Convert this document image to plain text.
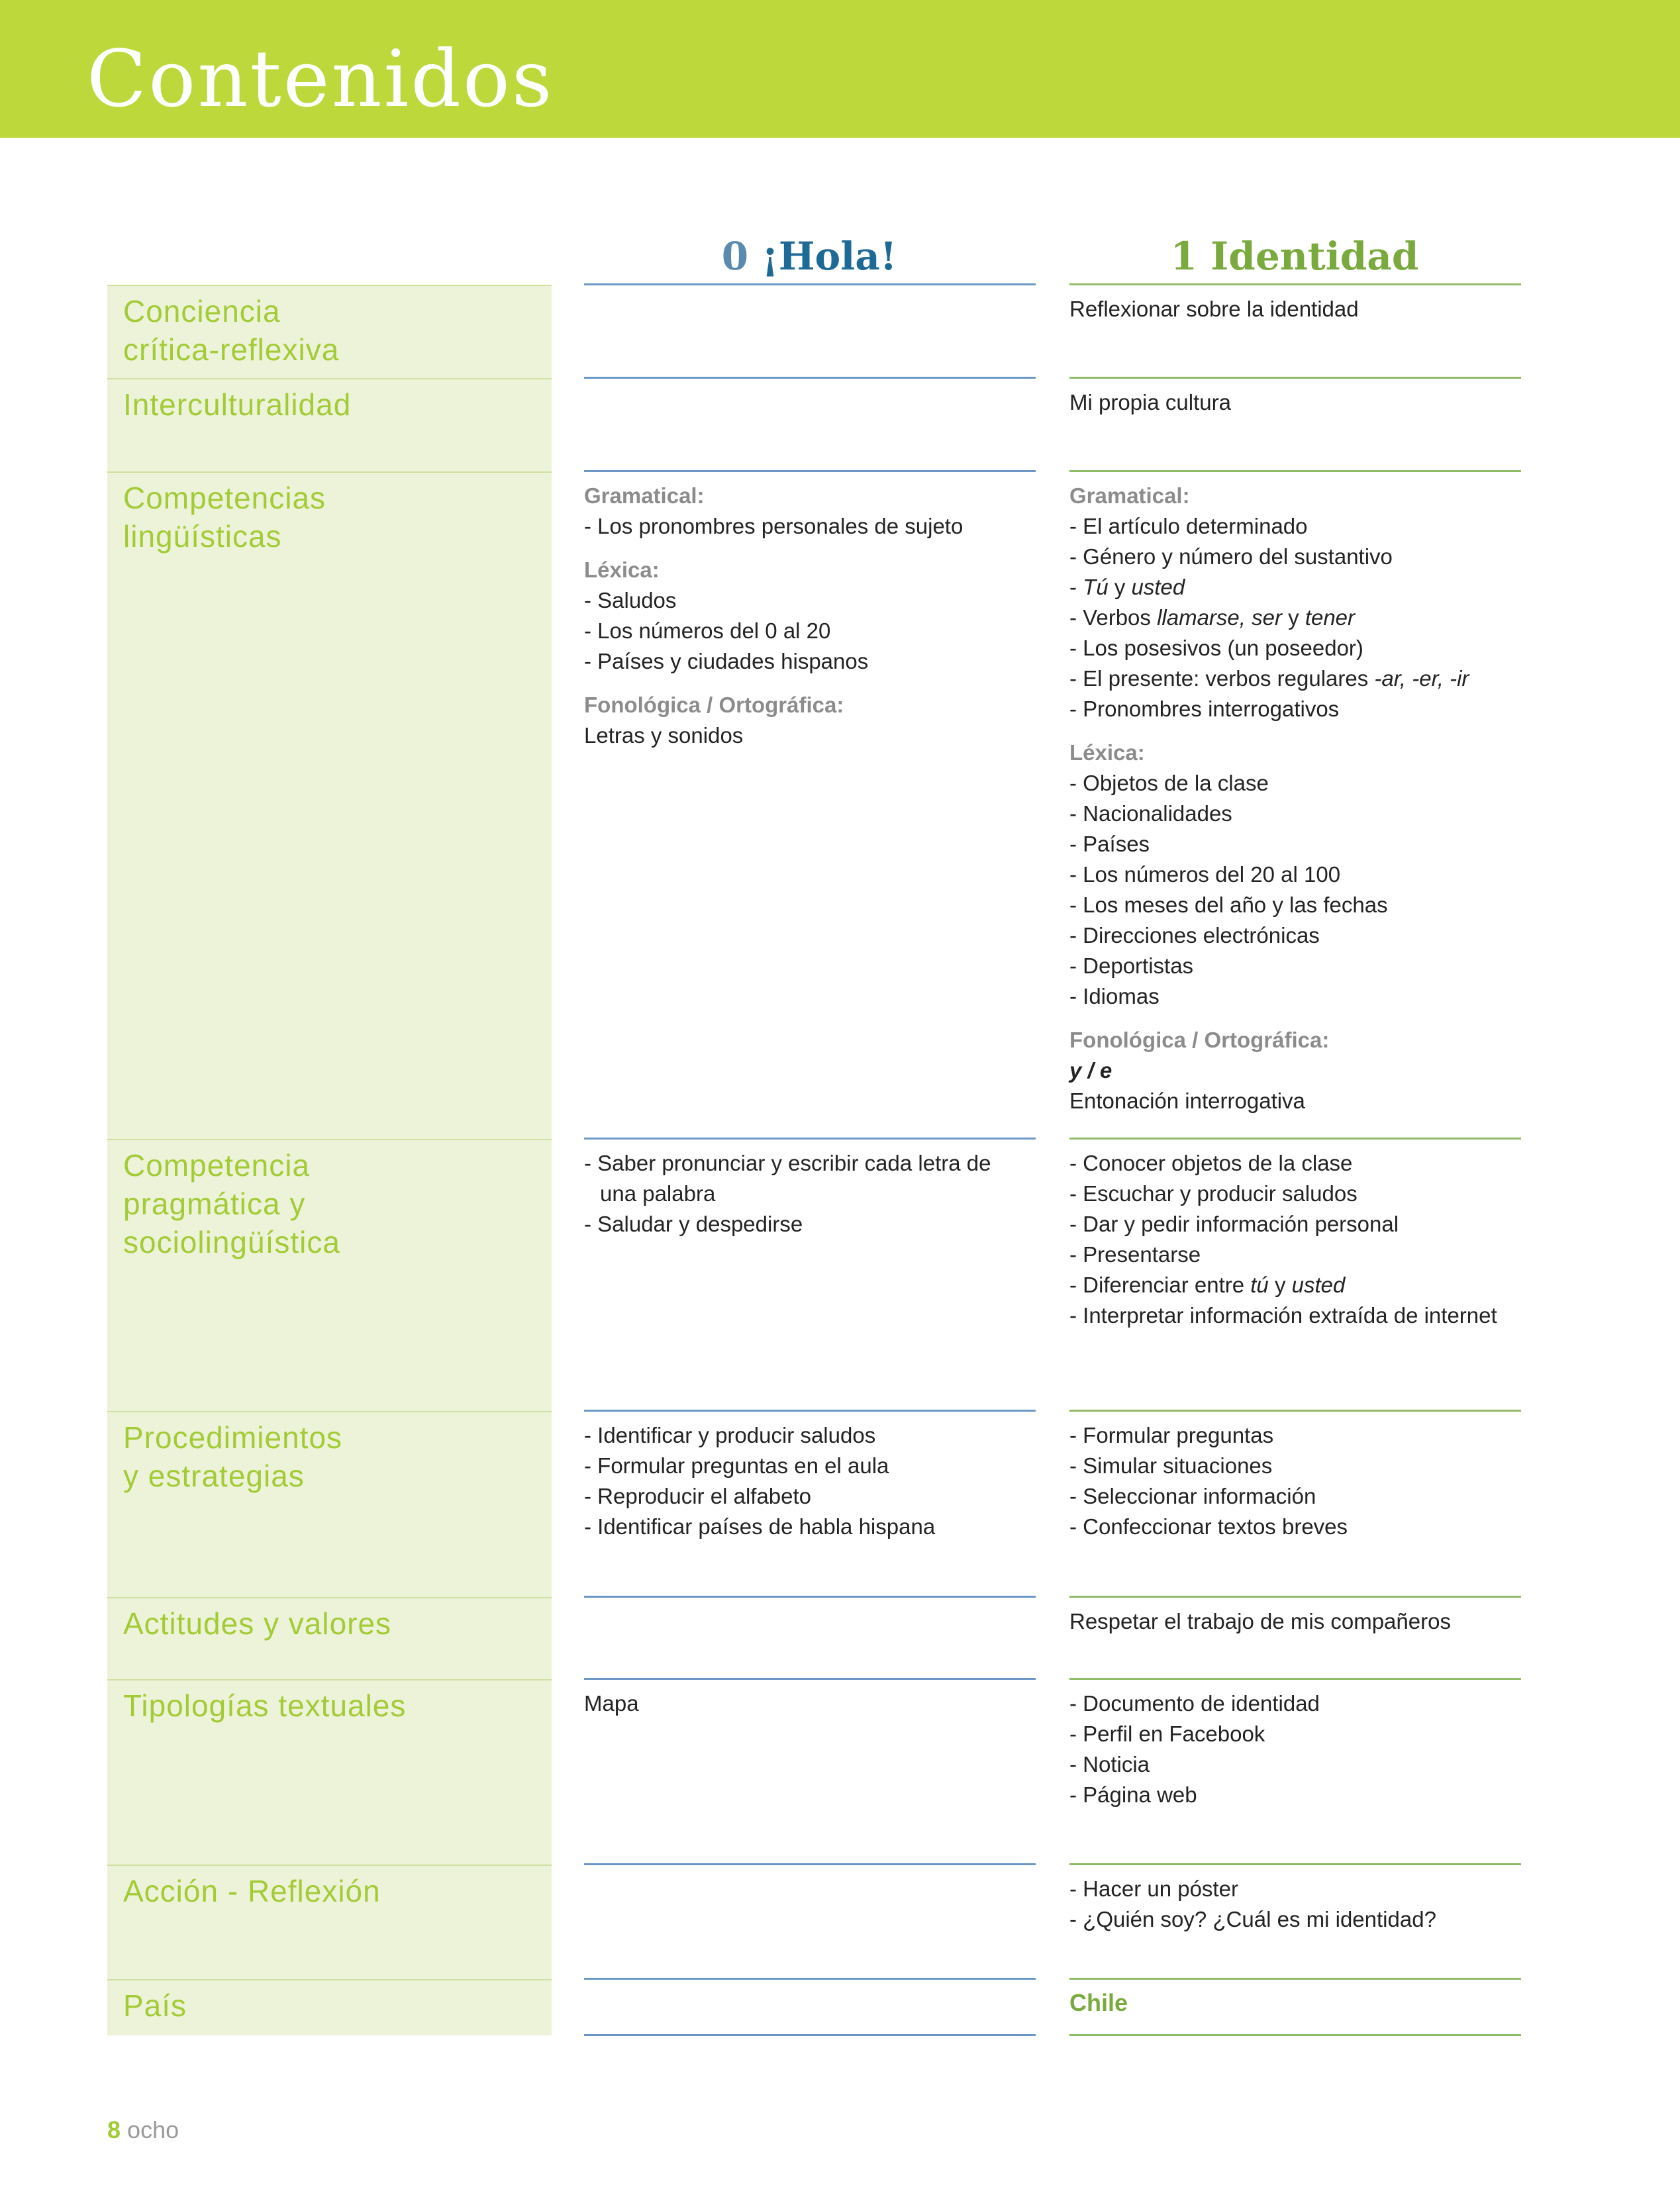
Contenidos
0 ¡Hola!	1 Identidad
Conciencia
crítica-reflexiva
Interculturalidad
Competencias
lingüísticas
Competencia
pragmática y
sociolingüística
Procedimientos
y estrategias
Actitudes y valores
Tipologías textuales
Acción - Reflexión
País
Reflexionar sobre la identidad
Mi propia cultura
Gramatical:
- Los pronombres personales de sujeto
Léxica:
- Saludos
- Los números del 0 al 20
- Países y ciudades hispanos
Fonológica / Ortográfica:
Letras y sonidos
Gramatical:
- El artículo determinado
- Género y número del sustantivo
- Tú y usted
- Verbos llamarse, ser y tener
- Los posesivos (un poseedor)
- El presente: verbos regulares -ar, -er, -ir
- Pronombres interrogativos
Léxica:
- Objetos de la clase
- Nacionalidades
- Países
- Los números del 20 al 100
- Los meses del año y las fechas
- Direcciones electrónicas
- Deportistas
- Idiomas
Fonológica / Ortográfica:
y / e
Entonación interrogativa
- Saber pronunciar y escribir cada letra de
una palabra
- Saludar y despedirse
- Conocer objetos de la clase
- Escuchar y producir saludos
- Dar y pedir información personal
- Presentarse
- Diferenciar entre tú y usted
- Interpretar información extraída de internet
- Identificar y producir saludos
- Formular preguntas en el aula
- Reproducir el alfabeto
- Identificar países de habla hispana
- Formular preguntas
- Simular situaciones
- Seleccionar información
- Confeccionar textos breves
Respetar el trabajo de mis compañeros
Mapa	- Documento de identidad
- Perfil en Facebook
- Noticia
- Página web
- Hacer un póster
- ¿Quién soy? ¿Cuál es mi identidad?
Chile
8 ocho
